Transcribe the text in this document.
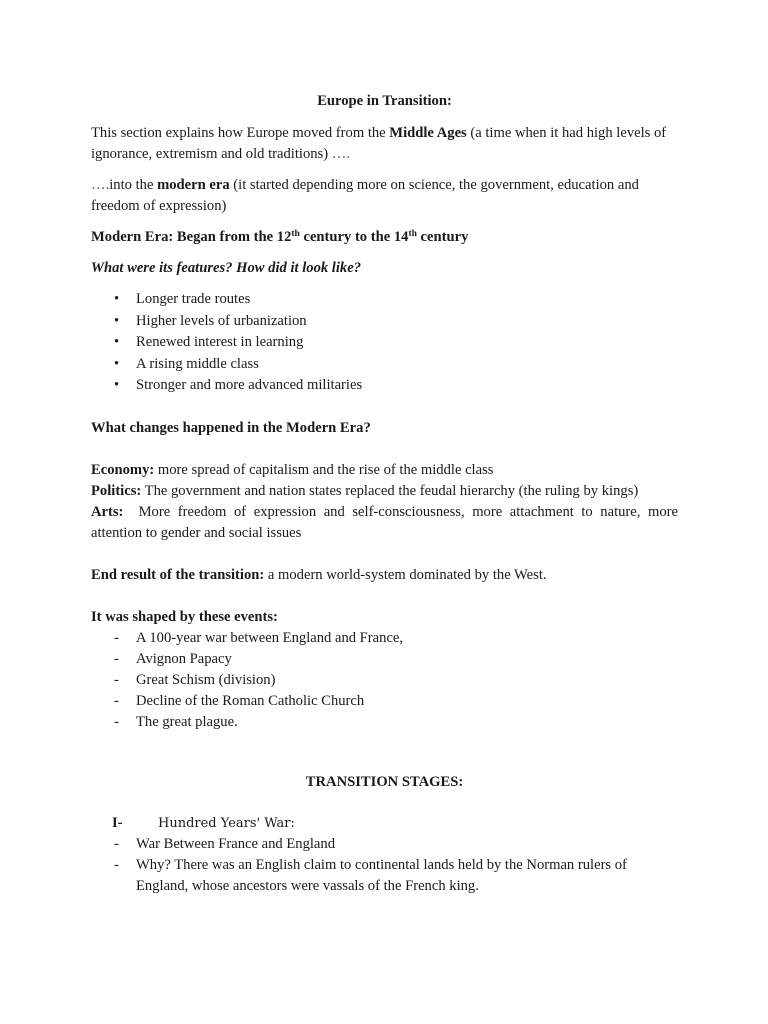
Europe in Transition:

This section explains how Europe moved from the Middle Ages (a time when it had high levels of ignorance, extremism and old traditions) ….

….into the modern era (it started depending more on science, the government, education and freedom of expression)

Modern Era: Began from the 12th century to the 14th century

What were its features? How did it look like?

• Longer trade routes
• Higher levels of urbanization
• Renewed interest in learning
• A rising middle class
• Stronger and more advanced militaries

What changes happened in the Modern Era?

Economy: more spread of capitalism and the rise of the middle class

Politics: The government and nation states replaced the feudal hierarchy (the ruling by kings)

Arts:  More freedom of expression and self-consciousness, more attachment to nature, more attention to gender and social issues

End result of the transition: a modern world-system dominated by the West.

It was shaped by these events:

- A 100-year war between England and France,
- Avignon Papacy
- Great Schism (division)
- Decline of the Roman Catholic Church
- The great plague.

TRANSITION STAGES:

I-	Hundred Years' War:
- War Between France and England
- Why? There was an English claim to continental lands held by the Norman rulers of England, whose ancestors were vassals of the French king.
